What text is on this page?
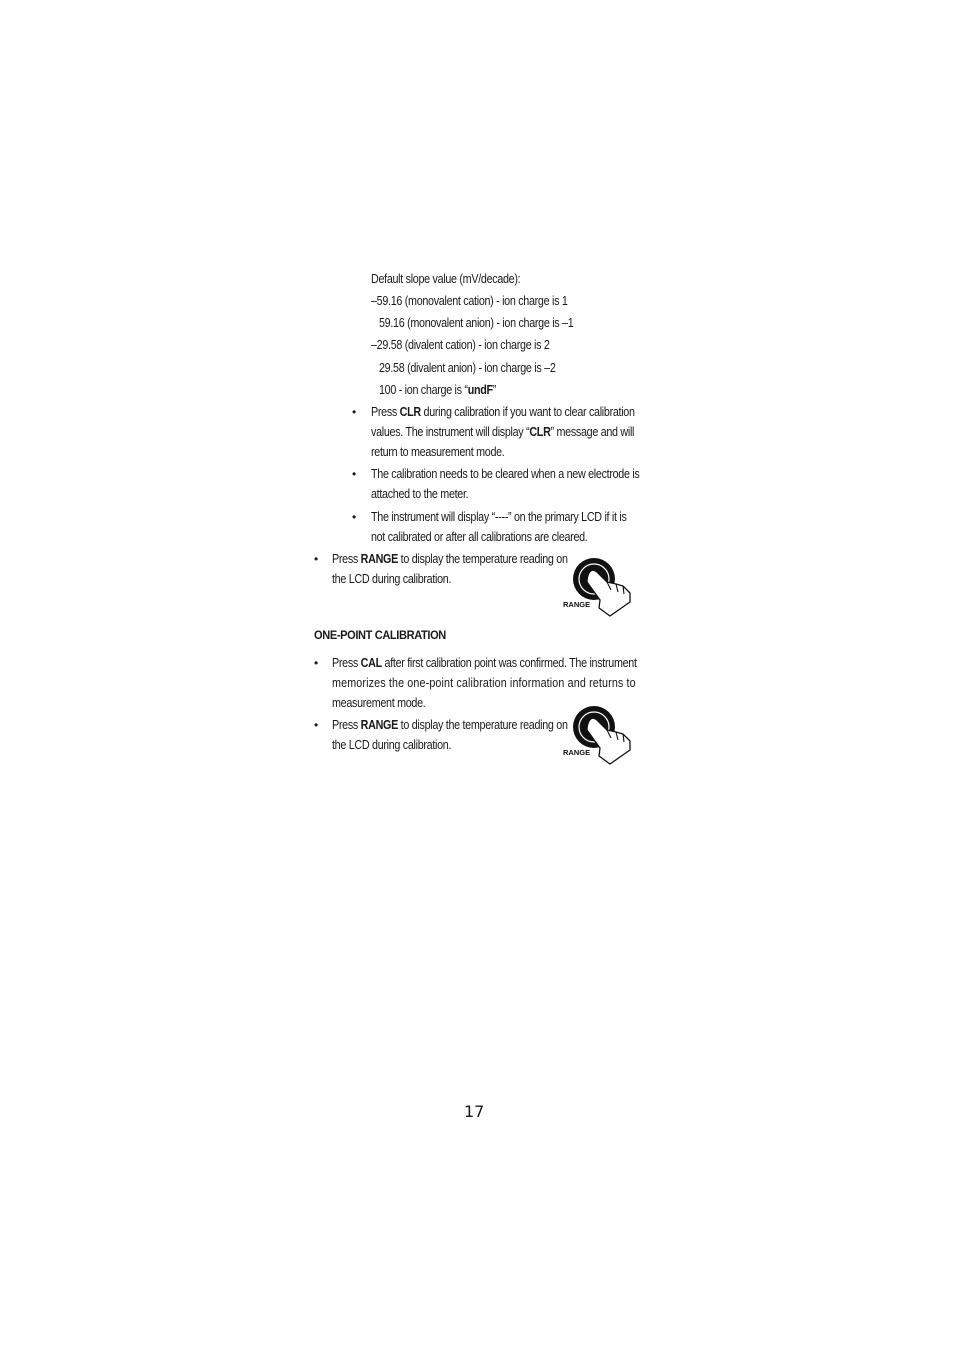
Default slope value (mV/decade):
–59.16 (monovalent cation) - ion charge is 1
59.16 (monovalent anion) - ion charge is –1
–29.58 (divalent cation) - ion charge is 2
29.58 (divalent anion) - ion charge is –2
100 - ion charge is “undF”
• Press CLR during calibration if you want to clear calibration
values. The instrument will display “CLR” message and will
return to measurement mode.
• The calibration needs to be cleared when a new electrode is
attached to the meter.
• The instrument will display “----” on the primary LCD if it is
not calibrated or after all calibrations are cleared.
• Press RANGE to display the temperature reading on
the LCD during calibration.
RANGE
ONE-POINT CALIBRATION
• Press CAL after first calibration point was confirmed. The instrument
memorizes the one-point calibration information and returns to
measurement mode.
• Press RANGE to display the temperature reading on
the LCD during calibration.
RANGE
17
